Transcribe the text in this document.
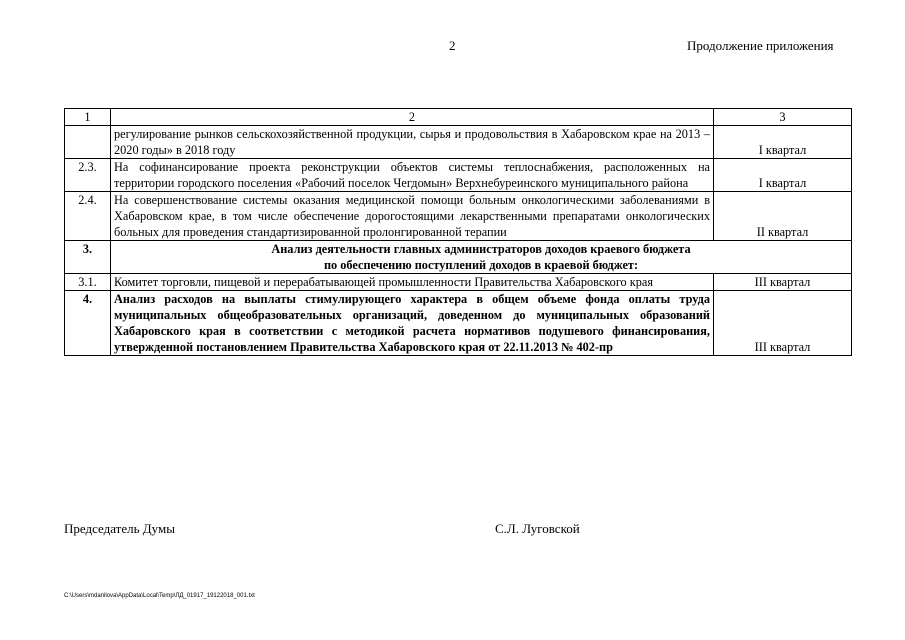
2	Продолжение приложения
1	2	3
	регулирование рынков сельскохозяйственной продукции, сырья и продовольствия в Хабаровском крае на 2013 – 2020 годы» в 2018 году	I квартал
2.3.	На софинансирование проекта реконструкции объектов системы теплоснабжения, расположенных на территории городского поселения «Рабочий поселок Чегдомын» Верхнебуреинского муниципального района	I квартал
2.4.	На совершенствование системы оказания медицинской помощи больным онкологическими заболеваниями в Хабаровском крае, в том числе обеспечение дорогостоящими лекарственными препаратами онкологических больных для проведения стандартизированной пролонгированной терапии	II квартал
3.	Анализ деятельности главных администраторов доходов краевого бюджета
по обеспечению поступлений доходов в краевой бюджет:	

3.1.	Комитет торговли, пищевой и перерабатывающей промышленности Правительства Хабаровского края	III квартал
4.	Анализ расходов на выплаты стимулирующего характера в общем объеме фонда оплаты труда муниципальных общеобразовательных организаций, доведенном до муниципальных образований Хабаровского края в соответствии с методикой расчета нормативов подушевого финансирования, утвержденной постановлением Правительства Хабаровского края от 22.11.2013 № 402-пр	III квартал
Председатель Думы	С.Л. Луговской
C:\Users\mdanilova\AppData\Local\Temp\ЛД_01917_19122018_001.txt
